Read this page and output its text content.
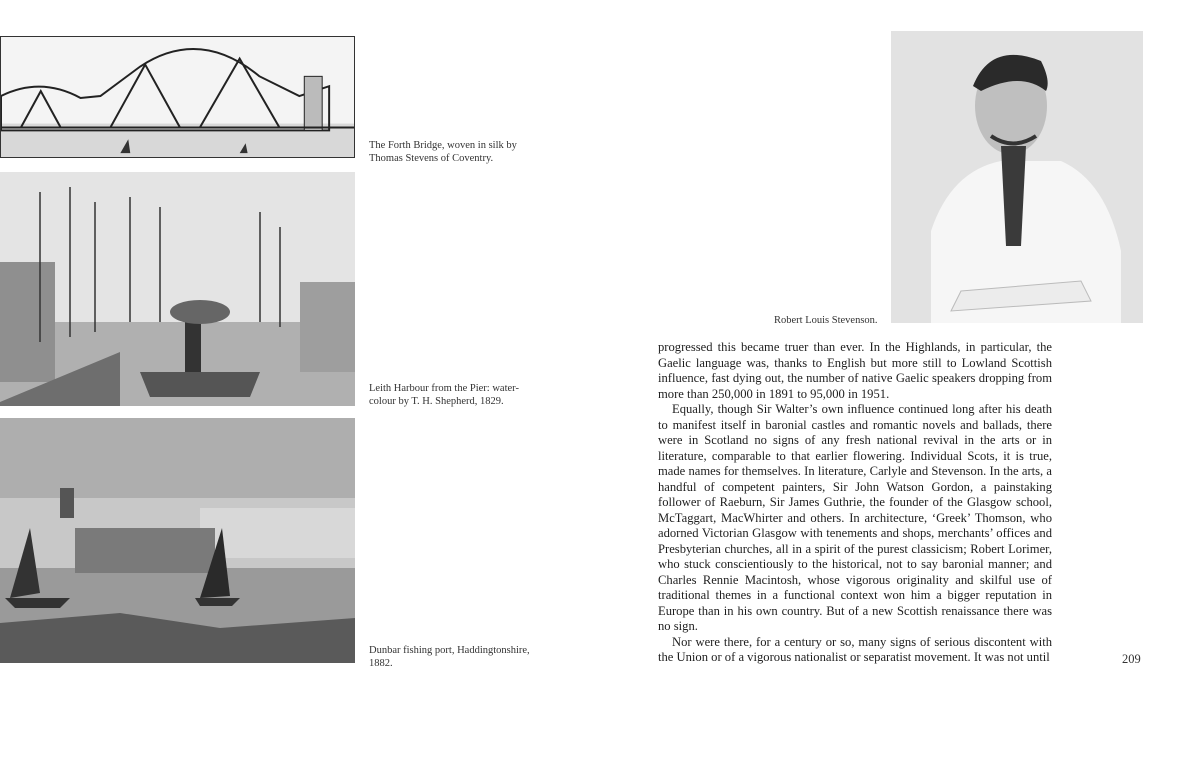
The Forth Bridge, woven in silk by
Thomas Stevens of Coventry.

Leith Harbour from the Pier: water-
colour by T. H. Shepherd, 1829.

Dunbar fishing port, Haddingtonshire,
1882.

Robert Louis Stevenson.

progressed this became truer than ever. In the Highlands, in particular, the Gaelic language was, thanks to English but more still to Lowland Scottish influence, fast dying out, the number of native Gaelic speakers dropping from more than 250,000 in 1891 to 95,000 in 1951.

Equally, though Sir Walter’s own influence continued long after his death to manifest itself in baronial castles and romantic novels and ballads, there were in Scotland no signs of any fresh national revival in the arts or in literature, comparable to that earlier flowering. Individual Scots, it is true, made names for themselves. In literature, Carlyle and Stevenson. In the arts, a handful of competent painters, Sir John Watson Gordon, a painstaking follower of Raeburn, Sir James Guthrie, the founder of the Glasgow school, McTaggart, MacWhirter and others. In architecture, ‘Greek’ Thomson, who adorned Victorian Glasgow with tenements and shops, merchants’ offices and Presbyterian churches, all in a spirit of the purest classicism; Robert Lorimer, who stuck conscientiously to the historical, not to say baronial manner; and Charles Rennie Macintosh, whose vigorous originality and skilful use of traditional themes in a functional context won him a bigger reputation in Europe than in his own country. But of a new Scottish renaissance there was no sign.

Nor were there, for a century or so, many signs of serious discontent with the Union or of a vigorous nationalist or separatist movement. It was not until	209
